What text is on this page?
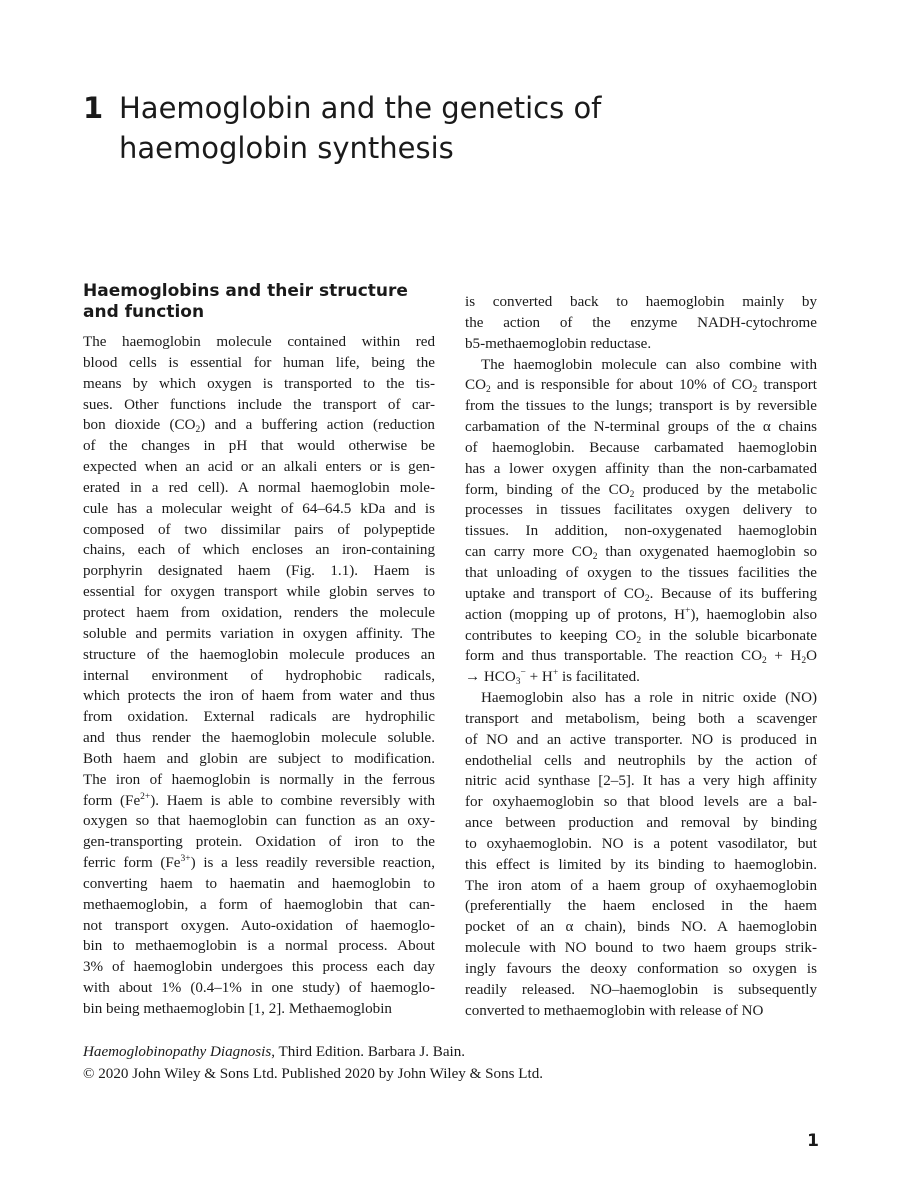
1 Haemoglobin and the genetics of
haemoglobin synthesis
Haemoglobins and their structure
and function
The haemoglobin molecule contained within red
blood cells is essential for human life, being the
means by which oxygen is transported to the tis-
sues. Other functions include the transport of car-
bon dioxide $(CO_2)$ and a buffering action (reduction
of the changes in pH that would otherwise be
expected when an acid or an alkali enters or is gen-
erated in a red cell). A normal haemoglobin mole-
cule has a molecular weight of 64–64.5 kDa and is
composed of two dissimilar pairs of polypeptide
chains, each of which encloses an iron-containing
porphyrin designated haem (Fig. 1.1). Haem is
essential for oxygen transport while globin serves to
protect haem from oxidation, renders the molecule
soluble and permits variation in oxygen affinity. The
structure of the haemoglobin molecule produces an
internal environment of hydrophobic radicals,
which protects the iron of haem from water and thus
from oxidation. External radicals are hydrophilic
and thus render the haemoglobin molecule soluble.
Both haem and globin are subject to modification.
The iron of haemoglobin is normally in the ferrous
form $(Fe^{2+})$. Haem is able to combine reversibly with
oxygen so that haemoglobin can function as an oxy-
gen-transporting protein. Oxidation of iron to the
ferric form $(Fe^{3+})$ is a less readily reversible reaction,
converting haem to haematin and haemoglobin to
methaemoglobin, a form of haemoglobin that can-
not transport oxygen. Auto-oxidation of haemoglo-
bin to methaemoglobin is a normal process. About
3% of haemoglobin undergoes this process each day
with about 1% (0.4–1% in one study) of haemoglo-
bin being methaemoglobin [1, 2]. Methaemoglobin
is converted back to haemoglobin mainly by
the action of the enzyme NADH-cytochrome
b5-methaemoglobin reductase.
The haemoglobin molecule can also combine with
$CO_2$ and is responsible for about 10% of $CO_2$ transport
from the tissues to the lungs; transport is by reversible
carbamation of the N-terminal groups of the α chains
of haemoglobin. Because carbamated haemoglobin
has a lower oxygen affinity than the non-carbamated
form, binding of the $CO_2$ produced by the metabolic
processes in tissues facilitates oxygen delivery to
tissues. In addition, non-oxygenated haemoglobin
can carry more $CO_2$ than oxygenated haemoglobin so
that unloading of oxygen to the tissues facilities the
uptake and transport of $CO_2$. Because of its buffering
action (mopping up of protons, H+), haemoglobin also
contributes to keeping $CO_2$ in the soluble bicarbonate
form and thus transportable. The reaction $CO_2 + H_2O$
→ $HCO_3^- + H^+$ is facilitated.
Haemoglobin also has a role in nitric oxide (NO)
transport and metabolism, being both a scavenger
of NO and an active transporter. NO is produced in
endothelial cells and neutrophils by the action of
nitric acid synthase [2–5]. It has a very high affinity
for oxyhaemoglobin so that blood levels are a bal-
ance between production and removal by binding
to oxyhaemoglobin. NO is a potent vasodilator, but
this effect is limited by its binding to haemoglobin.
The iron atom of a haem group of oxyhaemoglobin
(preferentially the haem enclosed in the haem
pocket of an α chain), binds NO. A haemoglobin
molecule with NO bound to two haem groups strik-
ingly favours the deoxy conformation so oxygen is
readily released. NO–haemoglobin is subsequently
converted to methaemoglobin with release of NO
Haemoglobinopathy Diagnosis, Third Edition. Barbara J. Bain.
© 2020 John Wiley & Sons Ltd. Published 2020 by John Wiley & Sons Ltd.
1
